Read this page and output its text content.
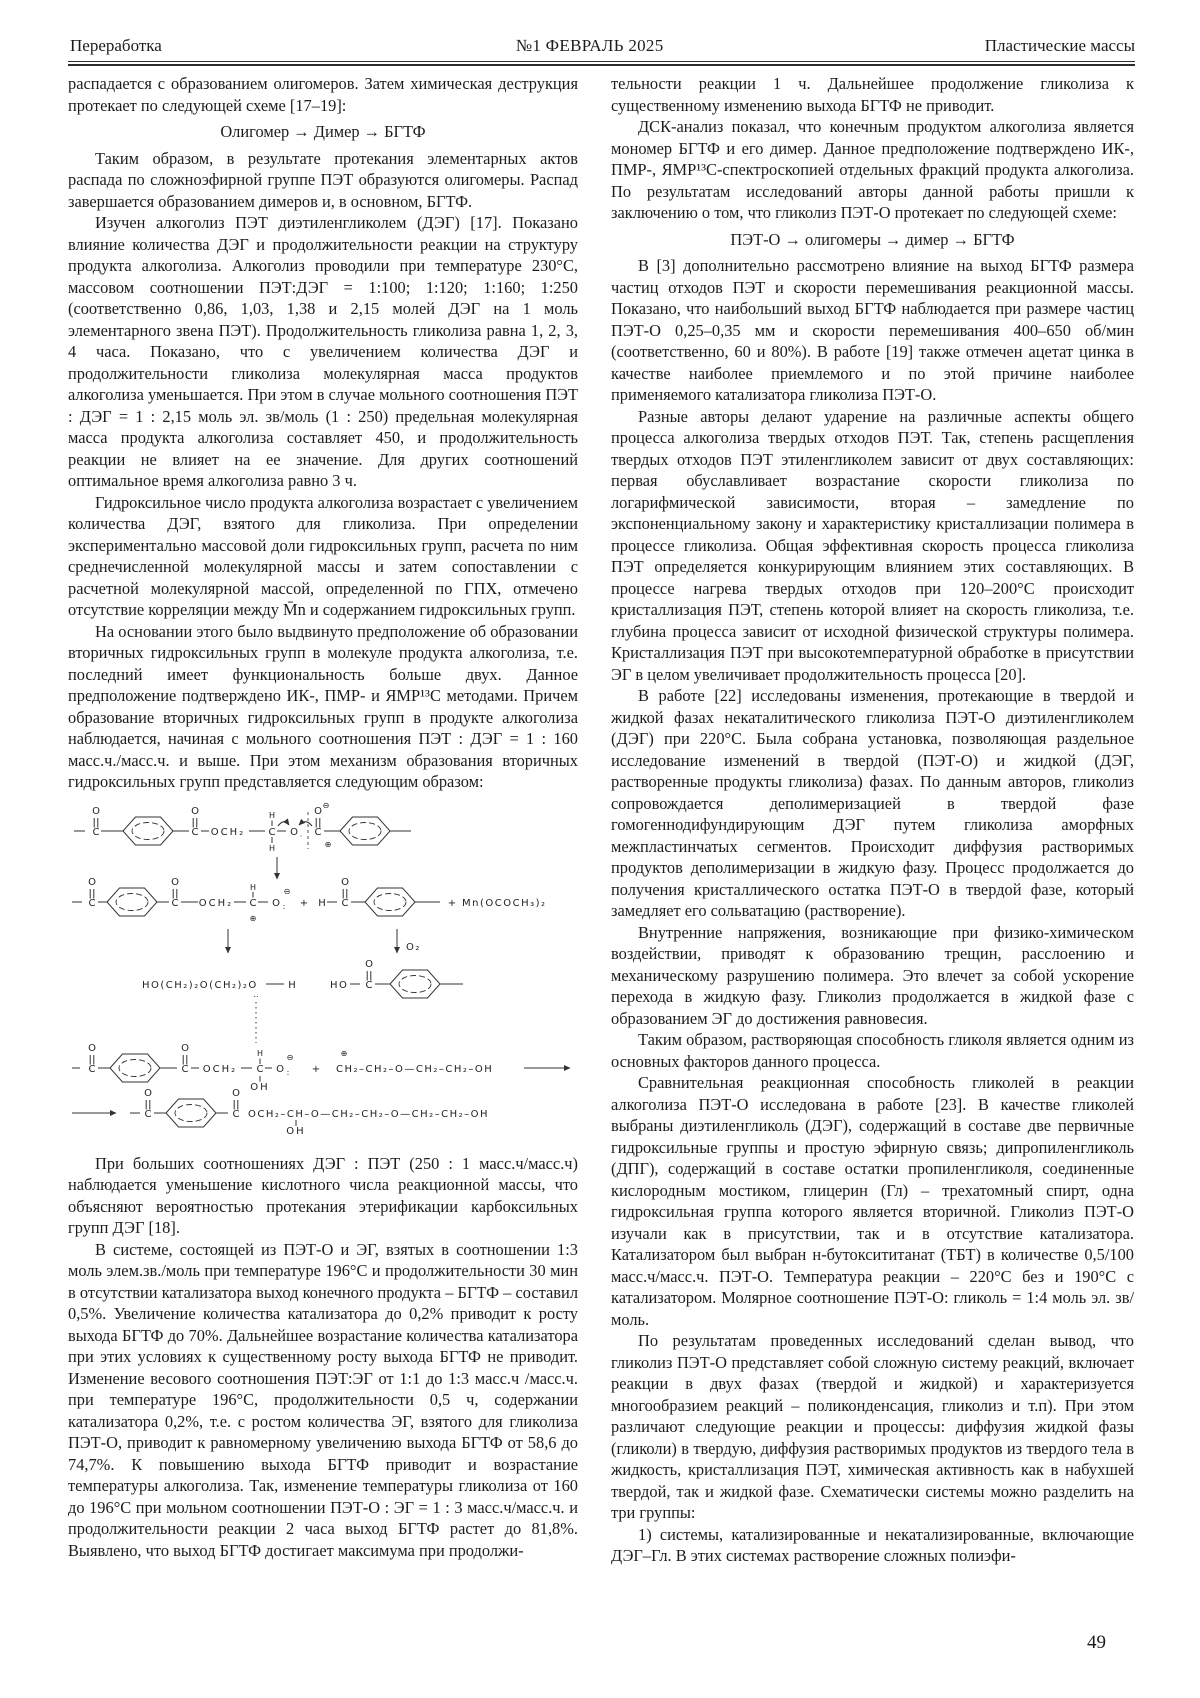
Переработка	№1 ФЕВРАЛЬ 2025	Пластические массы

распадается с образованием олигомеров. Затем химическая деструкция протекает по следующей схеме [17–19]:

Олигомер → Димер → БГТФ

Таким образом, в результате протекания элементарных актов распада по сложноэфирной группе ПЭТ образуются олигомеры. Распад завершается образованием димеров и, в основном, БГТФ.

Изучен алкоголиз ПЭТ диэтиленгликолем (ДЭГ) [17]. Показано влияние количества ДЭГ и продолжительности реакции на структуру продукта алкоголиза. Алкоголиз проводили при температуре 230°С, массовом соотношении ПЭТ:ДЭГ = 1:100; 1:120; 1:160; 1:250 (соответственно 0,86, 1,03, 1,38 и 2,15 молей ДЭГ на 1 моль элементарного звена ПЭТ). Продолжительность гликолиза равна 1, 2, 3, 4 часа. Показано, что с увеличением количества ДЭГ и продолжительности гликолиза молекулярная масса продуктов алкоголиза уменьшается. При этом в случае мольного соотношения ПЭТ : ДЭГ = 1 : 2,15 моль эл. зв/моль (1 : 250) предельная молекулярная масса продукта алкоголиза составляет 450, и продолжительность реакции не влияет на ее значение. Для других соотношений оптимальное время алкоголиза равно 3 ч.

Гидроксильное число продукта алкоголиза возрастает с увеличением количества ДЭГ, взятого для гликолиза. При определении экспериментально массовой доли гидроксильных групп, расчета по ним среднечисленной молекулярной массы и затем сопоставлении с расчетной молекулярной массой, определенной по ГПХ, отмечено отсутствие корреляции между M̄n и содержанием гидроксильных групп.

На основании этого было выдвинуто предположение об образовании вторичных гидроксильных групп в молекуле продукта алкоголиза, т.е. последний имеет функциональность больше двух. Данное предположение подтверждено ИК-, ПМР- и ЯМР¹³С методами. Причем образование вторичных гидроксильных групп в продукте алкоголиза наблюдается, начиная с мольного соотношения ПЭТ : ДЭГ = 1 : 160 масс.ч./масс.ч. и выше. При этом механизм образования вторичных гидроксильных групп представляется следующим образом:

C
O
C
O
OCH₂ C
H
H
O · C
O
⊖
⊕
C
O
C
O
OCH₂ C
H
⊕
O :
⊖
+ H C
O
+ Mn(OCOCH₃)₂
O₂
HO(CH₂)₂O(CH₂)₂O
‥
H	HO C
O
C
O
C
O
OCH₂ C
H
OH
O :
⊖
+
⊕
CH₂–CH₂–O—CH₂–CH₂–OH
C
O
C
O
OCH₂–CH–O—CH₂–CH₂–O—CH₂–CH₂–OH
OH

При больших соотношениях ДЭГ : ПЭТ (250 : 1 масс.ч/масс.ч) наблюдается уменьшение кислотного числа реакционной массы, что объясняют вероятностью протекания этерификации карбоксильных групп ДЭГ [18].

В системе, состоящей из ПЭТ-О и ЭГ, взятых в соотношении 1:3 моль элем.зв./моль при температуре 196°С и продолжительности 30 мин в отсутствии катализатора выход конечного продукта – БГТФ – составил 0,5%. Увеличение количества катализатора до 0,2% приводит к росту выхода БГТФ до 70%. Дальнейшее возрастание количества катализатора при этих условиях к существенному росту выхода БГТФ не приводит. Изменение весового соотношения ПЭТ:ЭГ от 1:1 до 1:3 масс.ч /масс.ч. при температуре 196°С, продолжительности 0,5 ч, содержании катализатора 0,2%, т.е. с ростом количества ЭГ, взятого для гликолиза ПЭТ-О, приводит к равномерному увеличению выхода БГТФ от 58,6 до 74,7%. К повышению выхода БГТФ приводит и возрастание температуры алкоголиза. Так, изменение температуры гликолиза от 160 до 196°С при мольном соотношении ПЭТ-О : ЭГ = 1 : 3 масс.ч/масс.ч. и продолжительности реакции 2 часа выход БГТФ растет до 81,8%. Выявлено, что выход БГТФ достигает максимума при продолжи-

тельности реакции 1 ч. Дальнейшее продолжение гликолиза к существенному изменению выхода БГТФ не приводит.

ДСК-анализ показал, что конечным продуктом алкоголиза является мономер БГТФ и его димер. Данное предположение подтверждено ИК-, ПМР-, ЯМР¹³С-спектроскопией отдельных фракций продукта алкоголиза. По результатам исследований авторы данной работы пришли к заключению о том, что гликолиз ПЭТ-О протекает по следующей схеме:

ПЭТ-О → олигомеры → димер → БГТФ

В [3] дополнительно рассмотрено влияние на выход БГТФ размера частиц отходов ПЭТ и скорости перемешивания реакционной массы. Показано, что наибольший выход БГТФ наблюдается при размере частиц ПЭТ-О 0,25–0,35 мм и скорости перемешивания 400–650 об/мин (соответственно, 60 и 80%). В работе [19] также отмечен ацетат цинка в качестве наиболее приемлемого и по этой причине наиболее применяемого катализатора гликолиза ПЭТ-О.

Разные авторы делают ударение на различные аспекты общего процесса алкоголиза твердых отходов ПЭТ. Так, степень расщепления твердых отходов ПЭТ этиленгликолем зависит от двух составляющих: первая обуславливает возрастание скорости гликолиза по логарифмической зависимости, вторая – замедление по экспоненциальному закону и характеристику кристаллизации полимера в процессе гликолиза. Общая эффективная скорость процесса гликолиза ПЭТ определяется конкурирующим влиянием этих составляющих. В процессе нагрева твердых отходов при 120–200°С происходит кристаллизация ПЭТ, степень которой влияет на скорость гликолиза, т.е. глубина процесса зависит от исходной физической структуры полимера. Кристаллизация ПЭТ при высокотемпературной обработке в присутствии ЭГ в целом увеличивает продолжительность процесса [20].

В работе [22] исследованы изменения, протекающие в твердой и жидкой фазах некаталитического гликолиза ПЭТ-О диэтиленгликолем (ДЭГ) при 220°С. Была собрана установка, позволяющая раздельное исследование изменений в твердой (ПЭТ-О) и жидкой (ДЭГ, растворенные продукты гликолиза) фазах. По данным авторов, гликолиз сопровождается деполимеризацией в твердой фазе гомогеннодифундирующим ДЭГ путем гликолиза аморфных межпластинчатых сегментов. Происходит диффузия растворимых продуктов деполимеризации в жидкую фазу. Процесс продолжается до получения кристаллического остатка ПЭТ-О в твердой фазе, который замедляет его сольватацию (растворение).

Внутренние напряжения, возникающие при физико-химическом воздействии, приводят к образованию трещин, расслоению и механическому разрушению полимера. Это влечет за собой ускорение перехода в жидкую фазу. Гликолиз продолжается в жидкой фазе с образованием ЭГ до достижения равновесия.

Таким образом, растворяющая способность гликоля является одним из основных факторов данного процесса.

Сравнительная реакционная способность гликолей в реакции алкоголиза ПЭТ-О исследована в работе [23]. В качестве гликолей выбраны диэтиленгликоль (ДЭГ), содержащий в составе две первичные гидроксильные группы и простую эфирную связь; дипропиленгликоль (ДПГ), содержащий в составе остатки пропиленгликоля, соединенные кислородным мостиком, глицерин (Гл) – трехатомный спирт, одна гидроксильная группа которого является вторичной. Гликолиз ПЭТ-О изучали как в присутствии, так и в отсутствие катализатора. Катализатором был выбран н-бутоксититанат (ТБТ) в количестве 0,5/100 масс.ч/масс.ч. ПЭТ-О. Температура реакции – 220°С без и 190°С с катализатором. Молярное соотношение ПЭТ-О: гликоль = 1:4 моль эл. зв/моль.

По результатам проведенных исследований сделан вывод, что гликолиз ПЭТ-О представляет собой сложную систему реакций, включает реакции в двух фазах (твердой и жидкой) и характеризуется многообразием реакций – поликонденсация, гликолиз и т.п). При этом различают следующие реакции и процессы: диффузия жидкой фазы (гликоли) в твердую, диффузия растворимых продуктов из твердого тела в жидкость, кристаллизация ПЭТ, химическая активность как в набухшей твердой, так и жидкой фазе. Схематически системы можно разделить на три группы:

1) системы, катализированные и некатализированные, включающие ДЭГ–Гл. В этих системах растворение сложных полиэфи-

49
